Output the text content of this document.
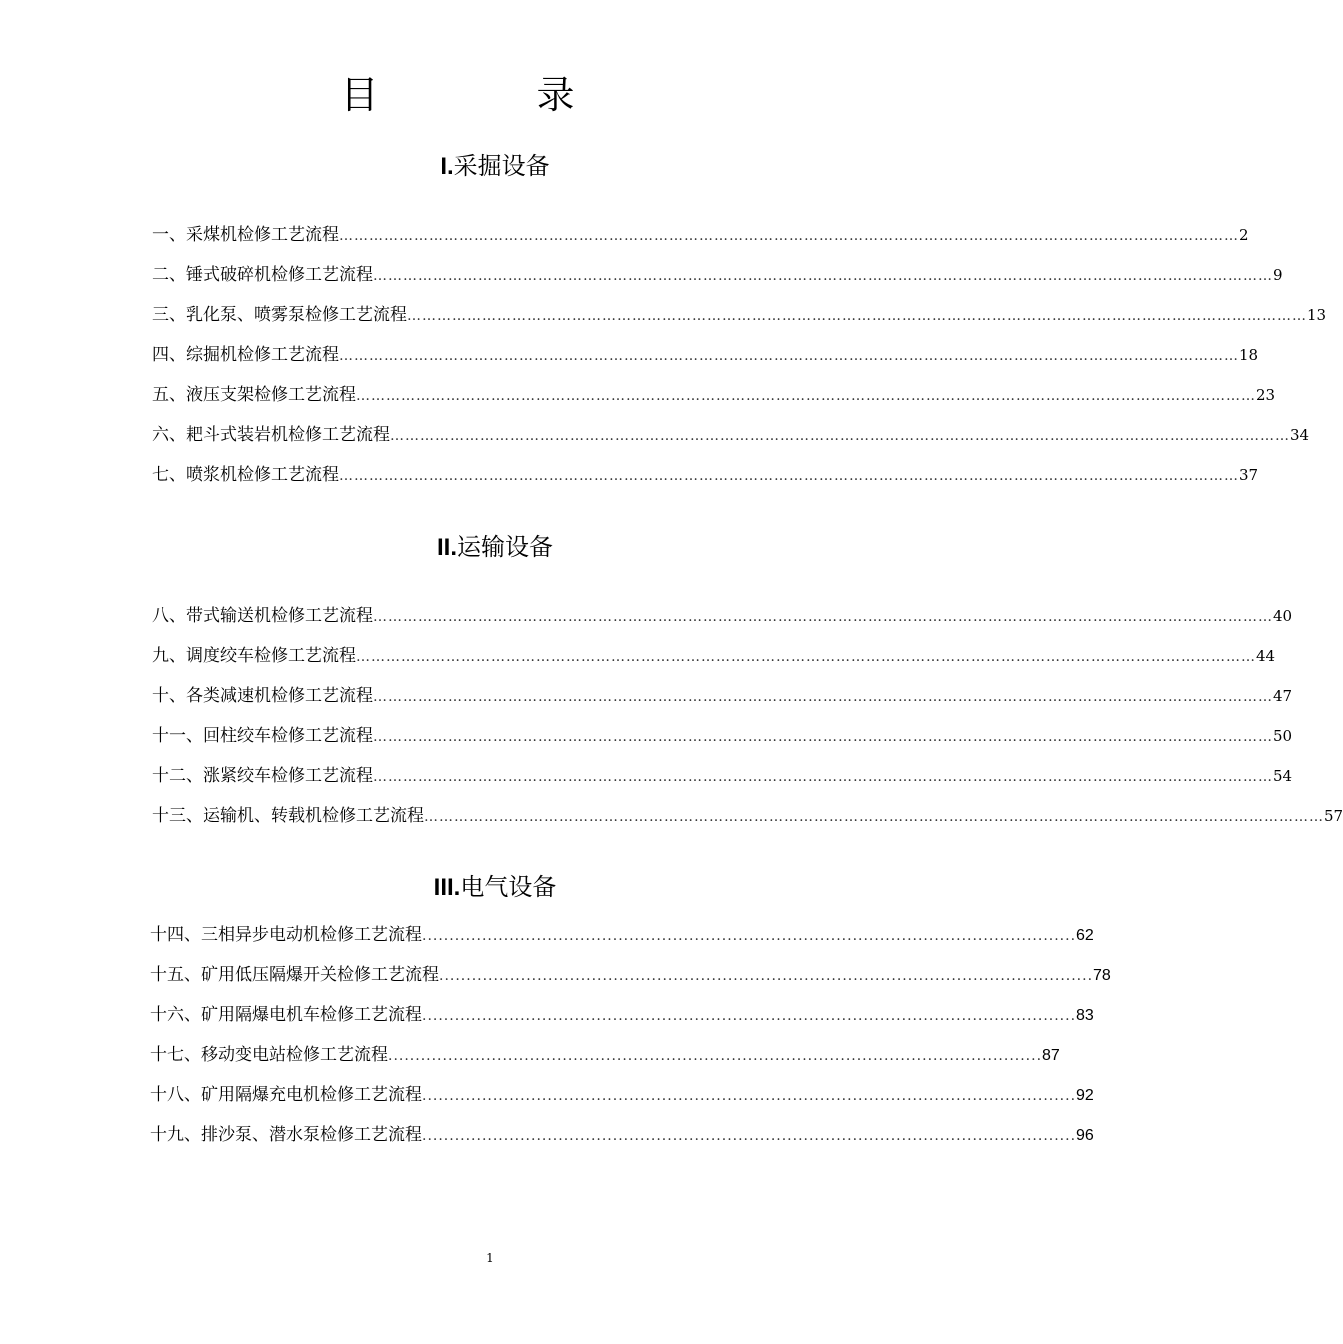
目　录
I.采掘设备
一、 采煤机检修工艺流程 ……………………………………………………………………………………………………………………………………………………………… 2
二、 锤式破碎机检修工艺流程 ……………………………………………………………………………………………………………………………………………………………… 9
三、 乳化泵、喷雾泵检修工艺流程 ……………………………………………………………………………………………………………………………………………………………… 13
四、 综掘机检修工艺流程 ……………………………………………………………………………………………………………………………………………………………… 18
五、 液压支架检修工艺流程 ……………………………………………………………………………………………………………………………………………………………… 23
六、 耙斗式装岩机检修工艺流程 ……………………………………………………………………………………………………………………………………………………………… 34
七、 喷浆机检修工艺流程 ……………………………………………………………………………………………………………………………………………………………… 37
II.运输设备
八、 带式输送机检修工艺流程 ……………………………………………………………………………………………………………………………………………………………… 40
九、 调度绞车检修工艺流程 ……………………………………………………………………………………………………………………………………………………………… 44
十、 各类减速机检修工艺流程 ……………………………………………………………………………………………………………………………………………………………… 47
十一、 回柱绞车检修工艺流程 ……………………………………………………………………………………………………………………………………………………………… 50
十二、 涨紧绞车检修工艺流程 ……………………………………………………………………………………………………………………………………………………………… 54
十三、 运输机、转载机检修工艺流程 ……………………………………………………………………………………………………………………………………………………………… 57
III.电气设备
十四、 三相异步电动机检修工艺流程 ........................................................................................................................ 62
十五、 矿用低压隔爆开关检修工艺流程 ........................................................................................................................ 78
十六、 矿用隔爆电机车检修工艺流程 ........................................................................................................................ 83
十七、 移动变电站检修工艺流程 ........................................................................................................................ 87
十八、 矿用隔爆充电机检修工艺流程 ........................................................................................................................ 92
十九、 排沙泵、潜水泵检修工艺流程 ........................................................................................................................ 96
1
